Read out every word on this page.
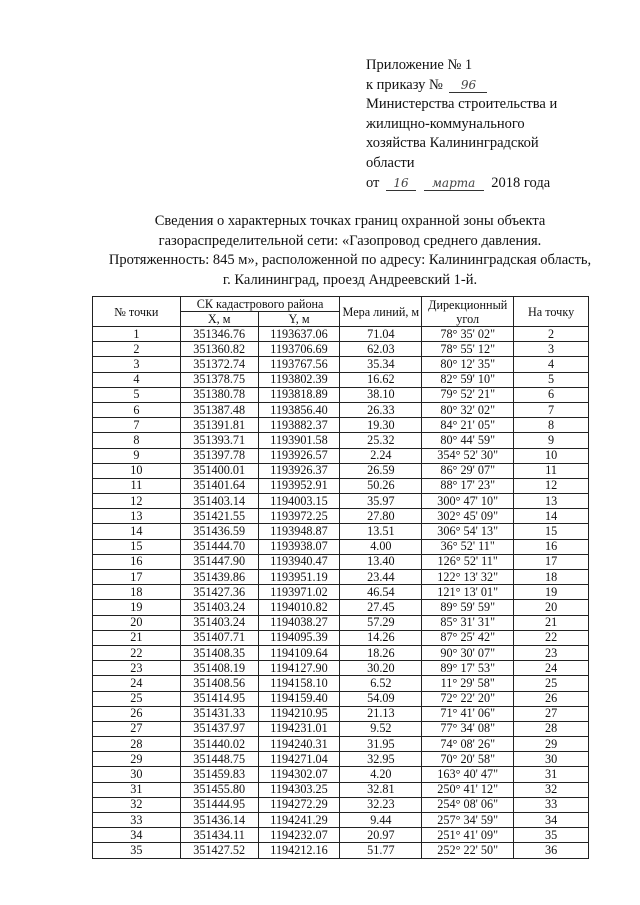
Приложение № 1
к приказу № 96
Министерства строительства и
жилищно-коммунального
хозяйства Калининградской
области
от 16 марта 2018 года
Сведения о характерных точках границ охранной зоны объекта
газораспределительной сети: «Газопровод среднего давления.
Протяженность: 845 м», расположенной по адресу: Калининградская область,
г. Калининград, проезд Андреевский 1-й.
№ точки	СК кадастрового района		Мера линий, м	Дирекционный угол	На точку
	X, м	Y, м			
1	351346.76	1193637.06	71.04	78° 35' 02"	2
2	351360.82	1193706.69	62.03	78° 55' 12"	3
3	351372.74	1193767.56	35.34	80° 12' 35"	4
4	351378.75	1193802.39	16.62	82° 59' 10"	5
5	351380.78	1193818.89	38.10	79° 52' 21"	6
6	351387.48	1193856.40	26.33	80° 32' 02"	7
7	351391.81	1193882.37	19.30	84° 21' 05"	8
8	351393.71	1193901.58	25.32	80° 44' 59"	9
9	351397.78	1193926.57	2.24	354° 52' 30"	10
10	351400.01	1193926.37	26.59	86° 29' 07"	11
11	351401.64	1193952.91	50.26	88° 17' 23"	12
12	351403.14	1194003.15	35.97	300° 47' 10"	13
13	351421.55	1193972.25	27.80	302° 45' 09"	14
14	351436.59	1193948.87	13.51	306° 54' 13"	15
15	351444.70	1193938.07	4.00	36° 52' 11"	16
16	351447.90	1193940.47	13.40	126° 52' 11"	17
17	351439.86	1193951.19	23.44	122° 13' 32"	18
18	351427.36	1193971.02	46.54	121° 13' 01"	19
19	351403.24	1194010.82	27.45	89° 59' 59"	20
20	351403.24	1194038.27	57.29	85° 31' 31"	21
21	351407.71	1194095.39	14.26	87° 25' 42"	22
22	351408.35	1194109.64	18.26	90° 30' 07"	23
23	351408.19	1194127.90	30.20	89° 17' 53"	24
24	351408.56	1194158.10	6.52	11° 29' 58"	25
25	351414.95	1194159.40	54.09	72° 22' 20"	26
26	351431.33	1194210.95	21.13	71° 41' 06"	27
27	351437.97	1194231.01	9.52	77° 34' 08"	28
28	351440.02	1194240.31	31.95	74° 08' 26"	29
29	351448.75	1194271.04	32.95	70° 20' 58"	30
30	351459.83	1194302.07	4.20	163° 40' 47"	31
31	351455.80	1194303.25	32.81	250° 41' 12"	32
32	351444.95	1194272.29	32.23	254° 08' 06"	33
33	351436.14	1194241.29	9.44	257° 34' 59"	34
34	351434.11	1194232.07	20.97	251° 41' 09"	35
35	351427.52	1194212.16	51.77	252° 22' 50"	36
